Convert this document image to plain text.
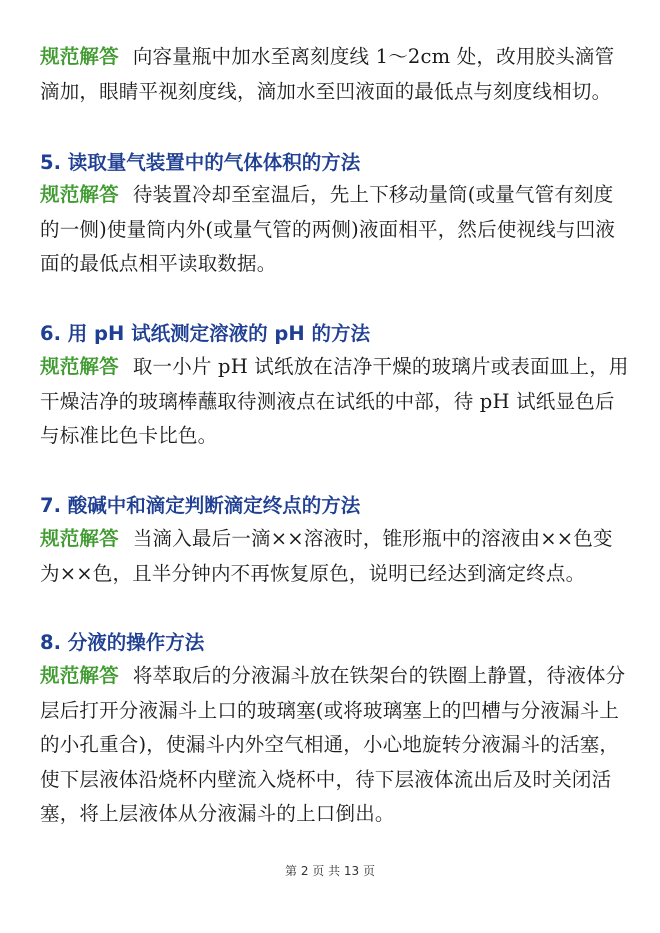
规范解答 向容量瓶中加水至离刻度线 1～2cm 处，改用胶头滴管滴加，眼睛平视刻度线，滴加水至凹液面的最低点与刻度线相切。
5. 读取量气装置中的气体体积的方法
规范解答 待装置冷却至室温后，先上下移动量筒(或量气管有刻度的一侧)使量筒内外(或量气管的两侧)液面相平，然后使视线与凹液面的最低点相平读取数据。
6. 用 pH 试纸测定溶液的 pH 的方法
规范解答 取一小片 pH 试纸放在洁净干燥的玻璃片或表面皿上，用干燥洁净的玻璃棒蘸取待测液点在试纸的中部，待 pH 试纸显色后与标准比色卡比色。
7. 酸碱中和滴定判断滴定终点的方法
规范解答 当滴入最后一滴××溶液时，锥形瓶中的溶液由××色变为××色，且半分钟内不再恢复原色，说明已经达到滴定终点。
8. 分液的操作方法
规范解答 将萃取后的分液漏斗放在铁架台的铁圈上静置，待液体分层后打开分液漏斗上口的玻璃塞(或将玻璃塞上的凹槽与分液漏斗上的小孔重合)，使漏斗内外空气相通，小心地旋转分液漏斗的活塞，使下层液体沿烧杯内壁流入烧杯中，待下层液体流出后及时关闭活塞，将上层液体从分液漏斗的上口倒出。
第 2 页 共 13 页
